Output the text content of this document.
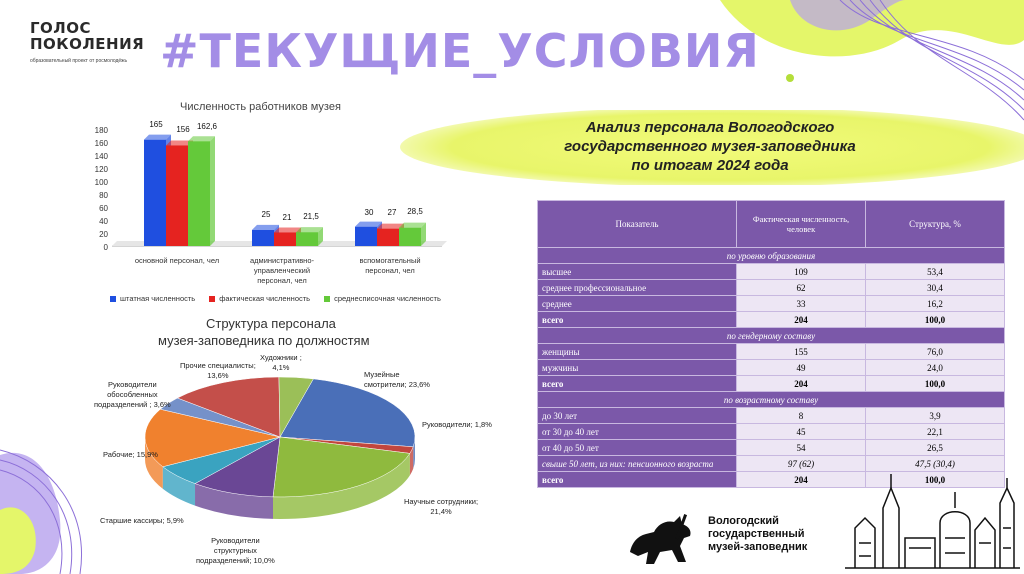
ГОЛОС
ПОКОЛЕНИЯ
образовательный проект от росмолодёжь #ТЕКУЩИЕ_УСЛОВИЯ
Численность работников музея
0
20
40
60
80
100
120
140
160
180
165
156 162,6
25	21	21,5	30	27	28,5
основной персонал, чел	административно-
управленческий
персонал, чел
вспомогательный
персонал, чел
штатная численность	фактическая численность	среднесписочная численность
Структура персонала
музея-заповедника по должностям
Музейные
смотрители; 23,6%
Руководители; 1,8%
Научные сотрудники;
21,4%
Руководители
структурных
подразделений; 10,0%
Старшие кассиры; 5,9%
Рабочие; 15,9%
Руководители
обособленных
подразделений ; 3,6%
Прочие специалисты;
13,6%
Художники ;
4,1%
Анализ персонала Вологодского
государственного музея-заповедника
по итогам 2024 года
Показатель	Фактическая численность, человек	Структура, %
по уровню образования		
высшее	109	53,4
среднее профессиональное	62	30,4
среднее	33	16,2
всего	204	100,0
по гендерному составу		
женщины	155	76,0
мужчины	49	24,0
всего	204	100,0
по возрастному составу		
до 30 лет	8	3,9
от 30 до 40 лет	45	22,1
от 40 до 50 лет	54	26,5
свыше 50 лет, из них: пенсионного возраста	97 (62)	47,5 (30,4)
всего	204	100,0
Вологодский
государственный
музей-заповедник
